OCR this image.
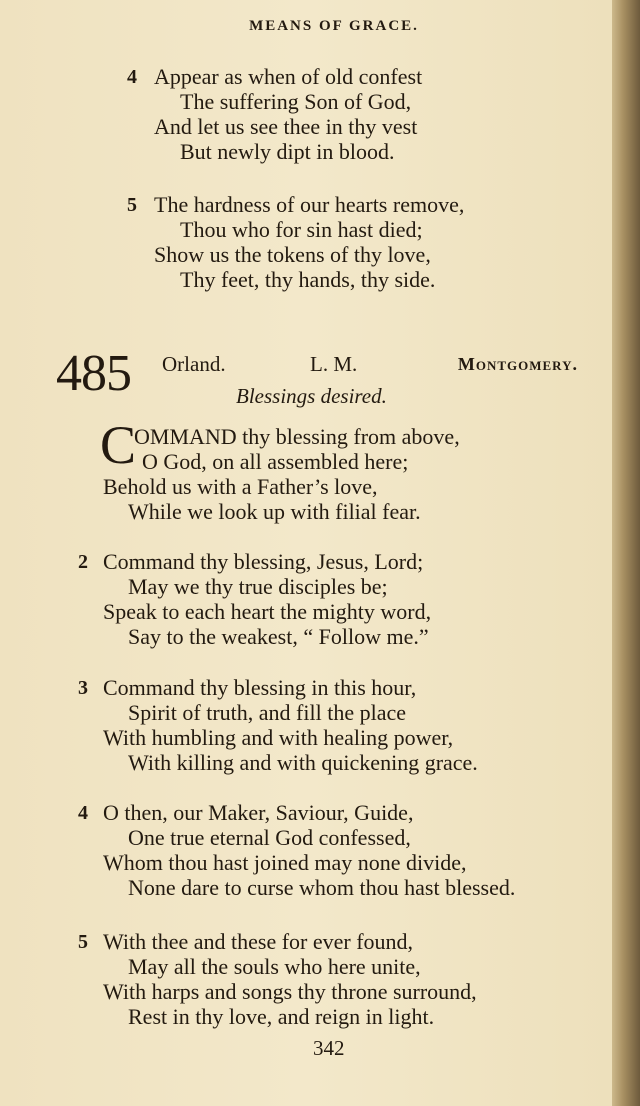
MEANS OF GRACE.
4 Appear as when of old confest
The suffering Son of God,
And let us see thee in thy vest
But newly dipt in blood.
5 The hardness of our hearts remove,
Thou who for sin hast died;
Show us the tokens of thy love,
Thy feet, thy hands, thy side.
485 Orland.	L. M.	Montgomery.
Blessings desired.
C
OMMAND thy blessing from above,
O God, on all assembled here;
Behold us with a Father’s love,
While we look up with filial fear.
2 Command thy blessing, Jesus, Lord;
May we thy true disciples be;
Speak to each heart the mighty word,
Say to the weakest, “ Follow me.”
3 Command thy blessing in this hour,
Spirit of truth, and fill the place
With humbling and with healing power,
With killing and with quickening grace.
4 O then, our Maker, Saviour, Guide,
One true eternal God confessed,
Whom thou hast joined may none divide,
None dare to curse whom thou hast blessed.
5 With thee and these for ever found,
May all the souls who here unite,
With harps and songs thy throne surround,
Rest in thy love, and reign in light.
342
